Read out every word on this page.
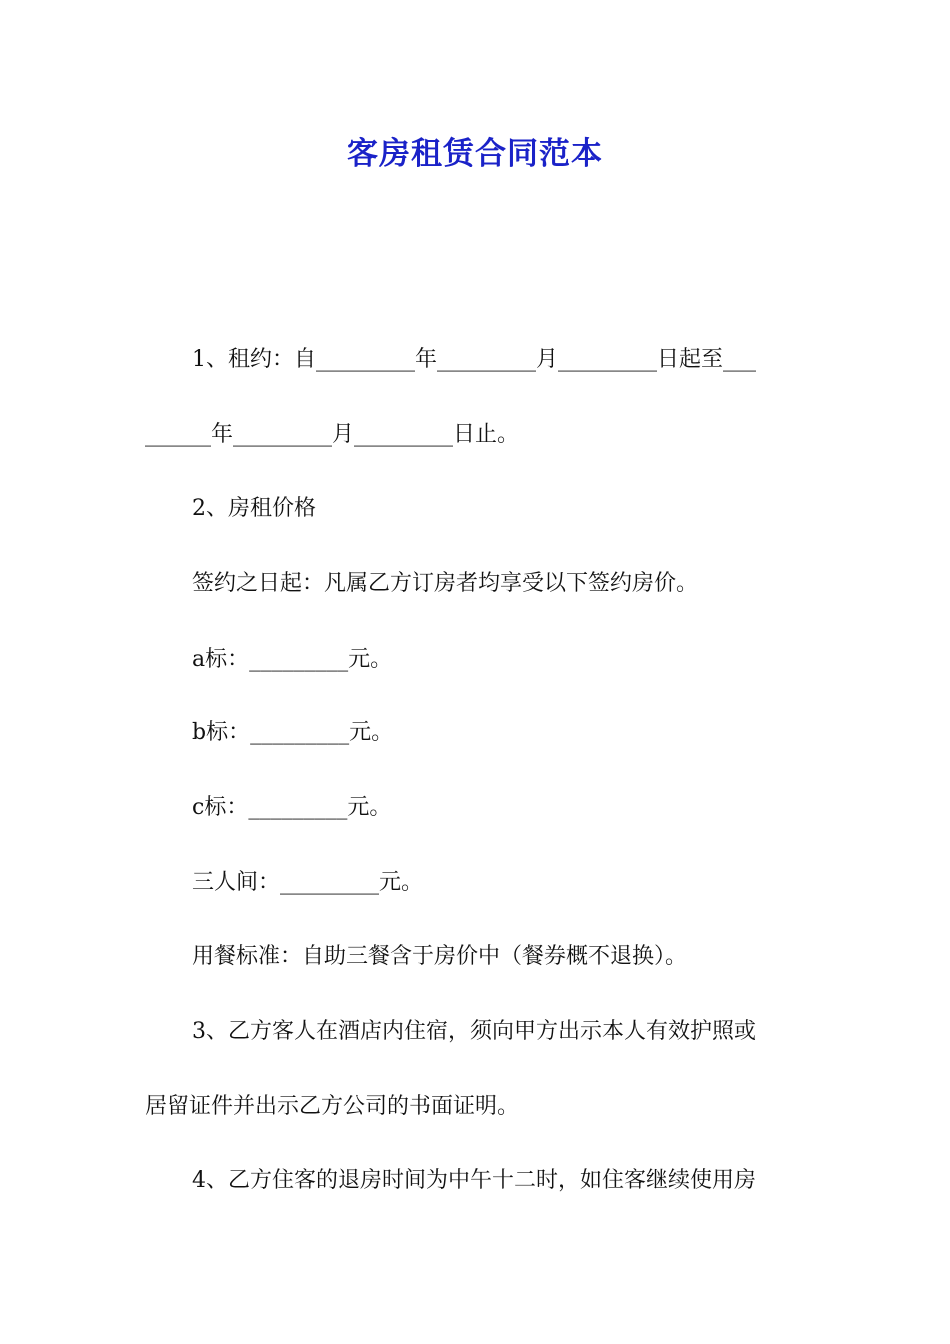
客房租赁合同范本

1、租约：自_________年_________月_________日起至___

______年_________月_________日止。

2、房租价格

签约之日起：凡属乙方订房者均享受以下签约房价。

a标：_________元。

b标：_________元。

c标：_________元。

三人间：_________元。

用餐标准：自助三餐含于房价中（餐券概不退换）。

3、乙方客人在酒店内住宿，须向甲方出示本人有效护照或

居留证件并出示乙方公司的书面证明。

4、乙方住客的退房时间为中午十二时，如住客继续使用房
